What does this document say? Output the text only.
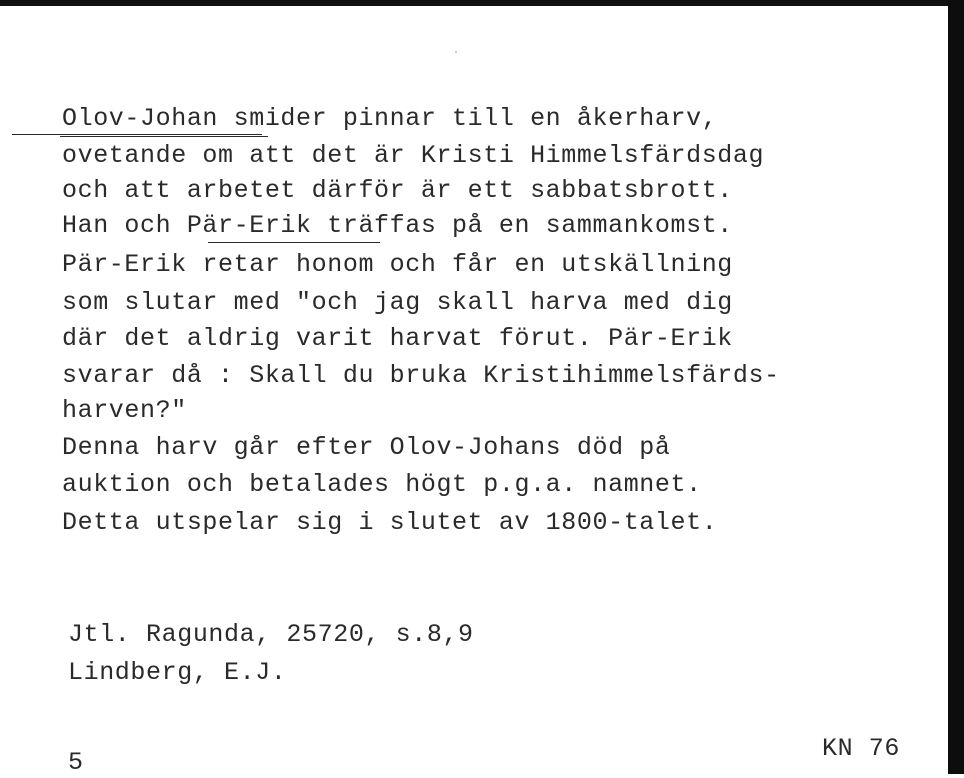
Olov-Johan smider pinnar till en åkerharv,
ovetande om att det är Kristi Himmelsfärdsdag
och att arbetet därför är ett sabbatsbrott.
Han och Pär-Erik träffas på en sammankomst.
Pär-Erik retar honom och får en utskällning
som slutar med "och jag skall harva med dig
där det aldrig varit harvat förut. Pär-Erik
svarar då : Skall du bruka Kristihimmelsfärds-
harven?"
Denna harv går efter Olov-Johans död på
auktion och betalades högt p.g.a. namnet.
Detta utspelar sig i slutet av 1800-talet.
Jtl. Ragunda, 25720, s.8,9
Lindberg, E.J.
5	KN 76
